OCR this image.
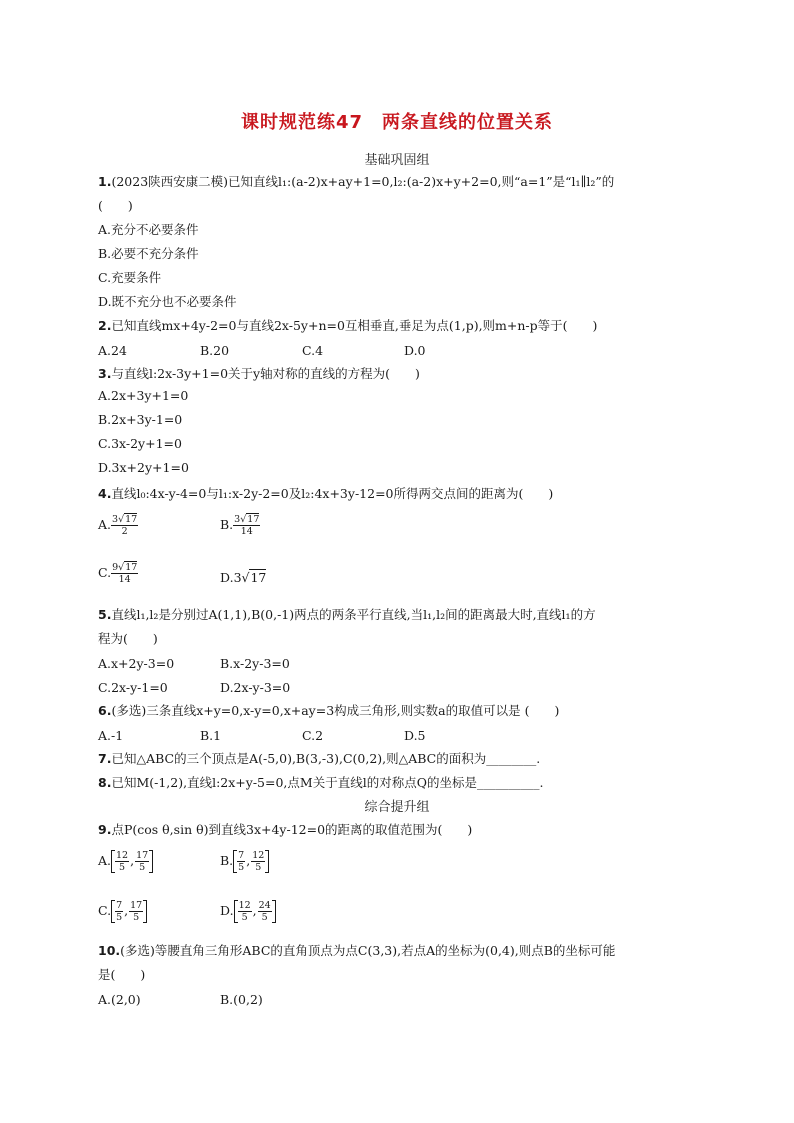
课时规范练47　两条直线的位置关系
基础巩固组
1.(2023陕西安康二模)已知直线l₁:(a-2)x+ay+1=0,l₂:(a-2)x+y+2=0,则“a=1”是“l₁∥l₂”的
(　　)
A.充分不必要条件
B.必要不充分条件
C.充要条件
D.既不充分也不必要条件
2.已知直线mx+4y-2=0与直线2x-5y+n=0互相垂直,垂足为点(1,p),则m+n-p等于(　　)
A.24	B.20	C.4	D.0
3.与直线l:2x-3y+1=0关于y轴对称的直线的方程为(　　)
A.2x+3y+1=0
B.2x+3y-1=0
C.3x-2y+1=0
D.3x+2y+1=0
4.直线l₀:4x-y-4=0与l₁:x-2y-2=0及l₂:4x+3y-12=0所得两交点间的距离为(　　)
A. $\frac{3√17}{2}$	B. $\frac{3√17}{14}$
C. $\frac{9√17}{14}$	D.3√17
5.直线l₁,l₂是分别过A(1,1),B(0,-1)两点的两条平行直线,当l₁,l₂间的距离最大时,直线l₁的方
程为(　　)
A.x+2y-3=0	B.x-2y-3=0
C.2x-y-1=0	D.2x-y-3=0
6.(多选)三条直线x+y=0,x-y=0,x+ay=3构成三角形,则实数a的取值可以是 (　　)
A.-1	B.1	C.2	D.5
7.已知△ABC的三个顶点是A(-5,0),B(3,-3),C(0,2),则△ABC的面积为________.
8.已知M(-1,2),直线l:2x+y-5=0,点M关于直线l的对称点Q的坐标是__________.
综合提升组
9.点P(cos θ,sin θ)到直线3x+4y-12=0的距离的取值范围为(　　)
A. $\frac{12}{5}$ , $\frac{17}{5}$	B. $\frac{7}{5}$ , $\frac{12}{5}$
C. $\frac{7}{5}$ , $\frac{17}{5}$	D. $\frac{12}{5}$ , $\frac{24}{5}$
10.(多选)等腰直角三角形ABC的直角顶点为点C(3,3),若点A的坐标为(0,4),则点B的坐标可能
是(　　)
A.(2,0)	B.(0,2)
